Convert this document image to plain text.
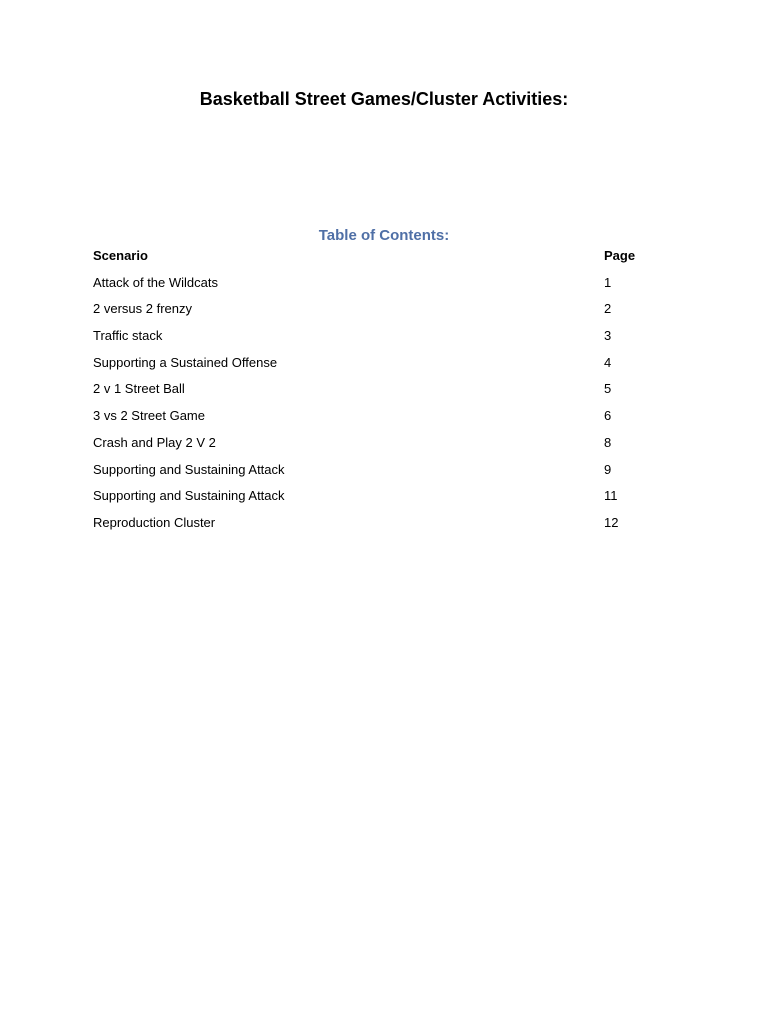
Basketball Street Games/Cluster Activities:
Table of Contents:
Scenario	Page
Attack of the Wildcats	1
2 versus 2 frenzy	2
Traffic stack	3
Supporting a Sustained Offense	4
2 v 1 Street Ball	5
3 vs 2 Street Game	6
Crash and Play 2 V 2	8
Supporting and Sustaining Attack	9
Supporting and Sustaining Attack	11
Reproduction Cluster	12
